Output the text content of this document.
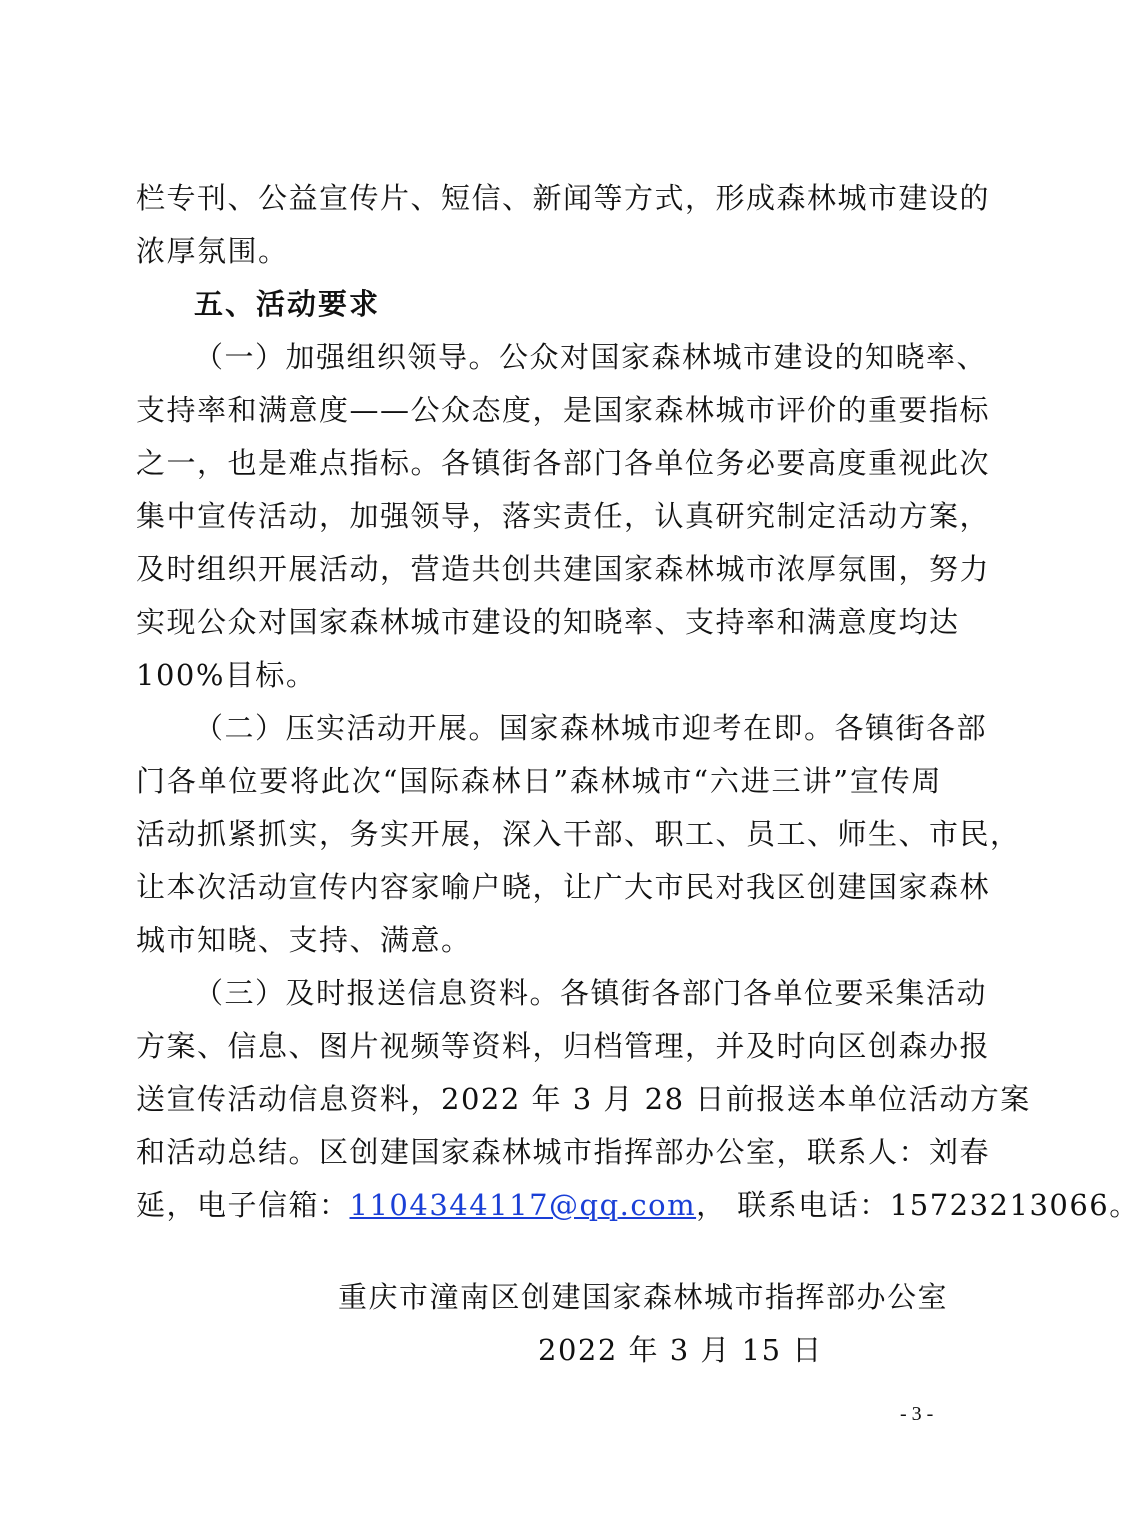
栏专刊、公益宣传片、短信、新闻等方式，形成森林城市建设的
浓厚氛围。
五、活动要求
（一）加强组织领导。公众对国家森林城市建设的知晓率、
支持率和满意度——公众态度，是国家森林城市评价的重要指标
之一，也是难点指标。各镇街各部门各单位务必要高度重视此次
集中宣传活动，加强领导，落实责任，认真研究制定活动方案，
及时组织开展活动，营造共创共建国家森林城市浓厚氛围，努力
实现公众对国家森林城市建设的知晓率、支持率和满意度均达
100%目标。
（二）压实活动开展。国家森林城市迎考在即。各镇街各部
门各单位要将此次“国际森林日”森林城市“六进三讲”宣传周
活动抓紧抓实，务实开展，深入干部、职工、员工、师生、市民，
让本次活动宣传内容家喻户晓，让广大市民对我区创建国家森林
城市知晓、支持、满意。
（三）及时报送信息资料。各镇街各部门各单位要采集活动
方案、信息、图片视频等资料，归档管理，并及时向区创森办报
送宣传活动信息资料，2022 年 3 月 28 日前报送本单位活动方案
和活动总结。区创建国家森林城市指挥部办公室，联系人：刘春
延，电子信箱：1104344117@qq.com， 联系电话：15723213066。
重庆市潼南区创建国家森林城市指挥部办公室
2022 年 3 月 15 日
- 3 -
